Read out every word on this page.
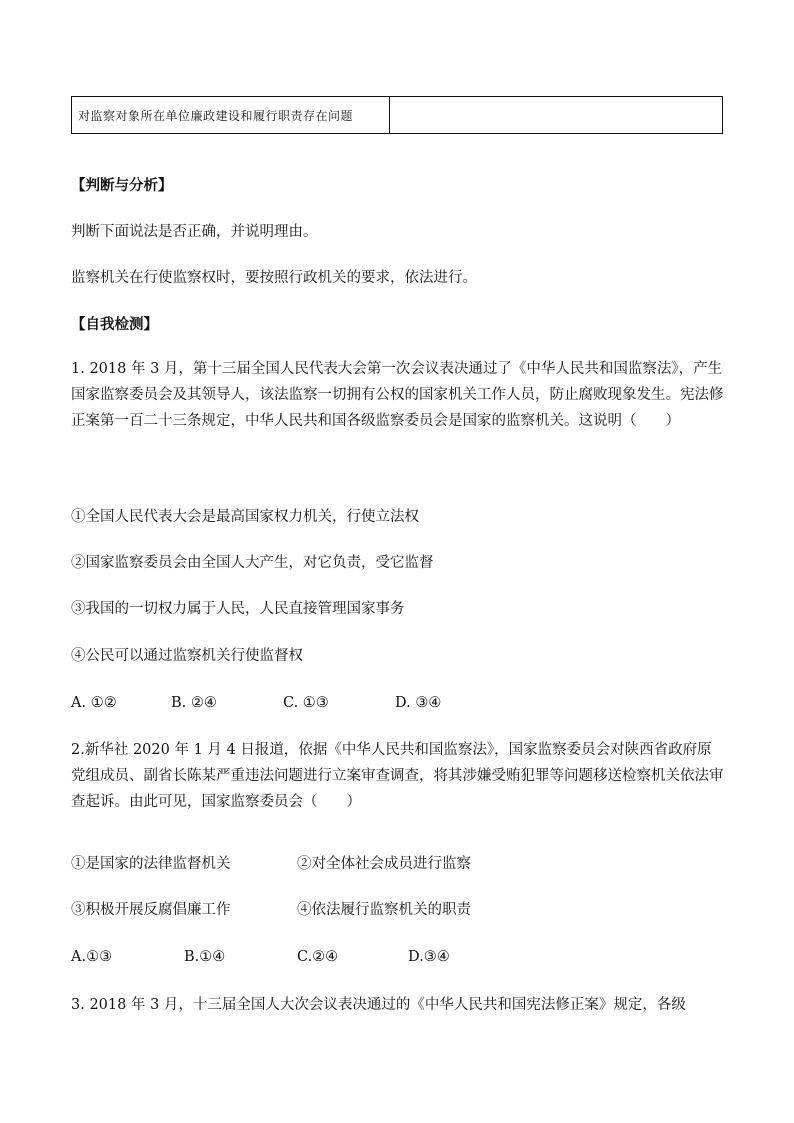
对监察对象所在单位廉政建设和履行职责存在问题	
【判断与分析】
判断下面说法是否正确，并说明理由。
监察机关在行使监察权时，要按照行政机关的要求，依法进行。
【自我检测】
1. 2018 年 3 月，第十三届全国人民代表大会第一次会议表决通过了《中华人民共和国监察法》，产生国家监察委员会及其领导人，该法监察一切拥有公权的国家机关工作人员，防止腐败现象发生。宪法修正案第一百二十三条规定，中华人民共和国各级监察委员会是国家的监察机关。这说明（　　）
①全国人民代表大会是最高国家权力机关，行使立法权
②国家监察委员会由全国人大产生，对它负责，受它监督
③我国的一切权力属于人民，人民直接管理国家事务
④公民可以通过监察机关行使监督权
A. ①②	B. ②④	C. ①③	D. ③④
2.新华社 2020 年 1 月 4 日报道，依据《中华人民共和国监察法》，国家监察委员会对陕西省政府原党组成员、副省长陈某严重违法问题进行立案审查调查，将其涉嫌受贿犯罪等问题移送检察机关依法审查起诉。由此可见，国家监察委员会（　　）
①是国家的法律监督机关	②对全体社会成员进行监察
③积极开展反腐倡廉工作	④依法履行监察机关的职责
A.①③	B.①④	C.②④	D.③④
3. 2018 年 3 月，十三届全国人大次会议表决通过的《中华人民共和国宪法修正案》规定，各级
